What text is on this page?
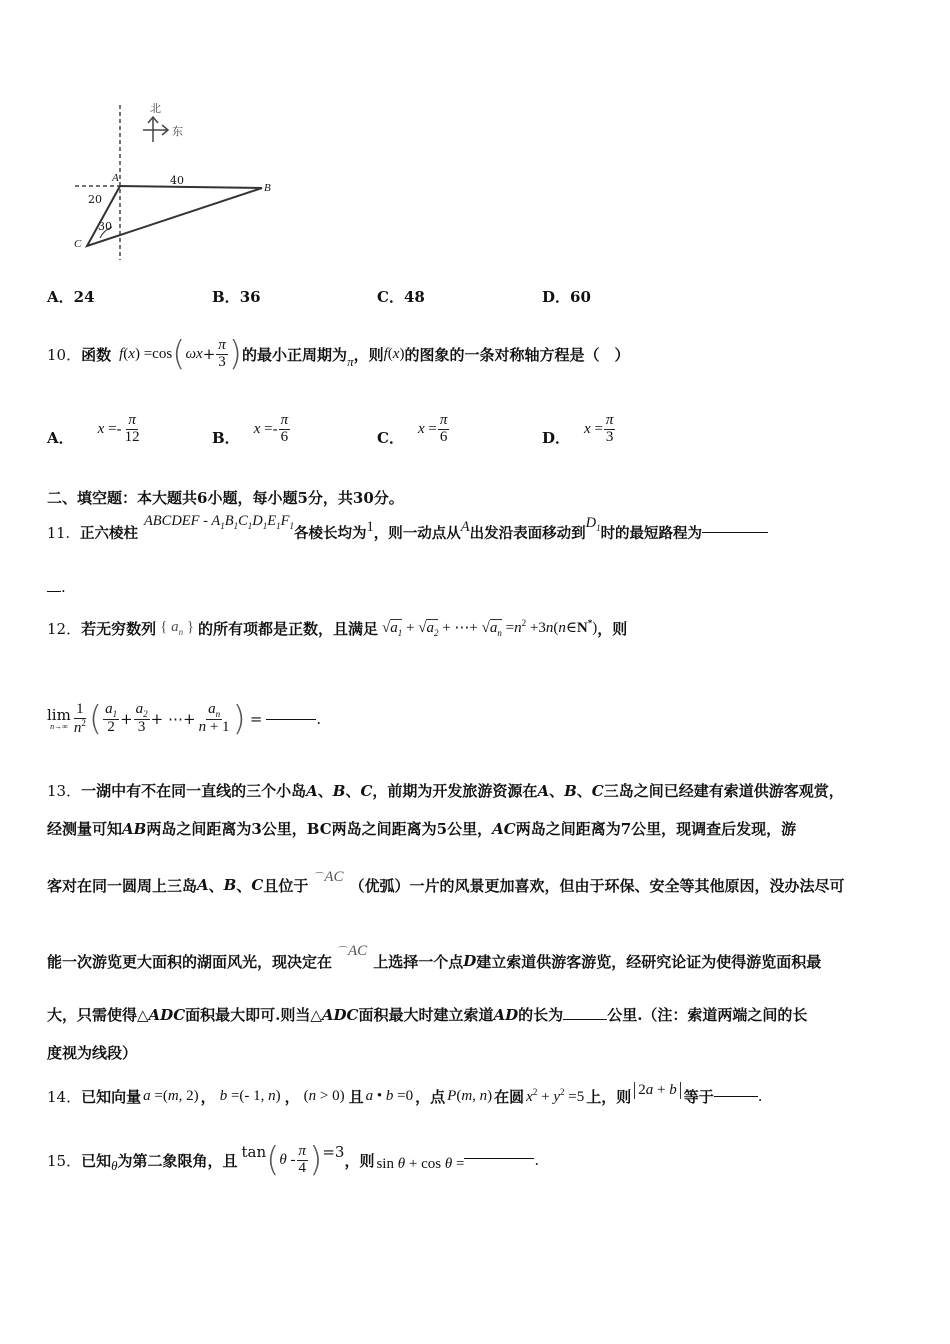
北
东
A
B
C
40
20
30
A．24	B．36	C．48	D．60
10． 函数 f(x) =cos ( $\omega x + \frac{\pi}{3}$ ) 的最小正周期为 π ，则 f(x) 的图象的一条对称轴方程是（　）
A． x = - $\frac{\pi}{12}$	B． x = - $\frac{\pi}{6}$	C． $x = \frac{\pi}{6}$	D． $x = \frac{\pi}{3}$
二、填空题：本大题共6小题，每小题5分，共30分。
11． 正六棱柱
ABCDEF - $A_1B_1C_1D_1E_1F_1$ 各棱长均为 1 ，则一动点从 A 出发沿表面移动到
$D_1$ 时的最短路程为
.
12． 若无穷数列 { $a_n$ } 的所有项都是正数，且满足 $√a_1 + √a_2$ + ⋯+ $√a_n =n^2$ +3n(n∈N*) ，则
lim
$n\to\infty \frac{1}{n^2}$ ( $\frac{a_1}{2} + \frac{a_2}{3}$ + ⋯+ $\frac{a_n}{n + 1}$ ) =	.
13．一湖中有不在同一直线的三个小岛A、B、C，前期为开发旅游资源在A、B、C三岛之间已经建有索道供游客观赏，
经测量可知AB两岛之间距离为3公里，BC两岛之间距离为5公里，AC两岛之间距离为7公里，现调查后发现，游
客对在同一圆周上三岛 A 、 B 、 C 且位于 ⌒AC （优弧）一片的风景更加喜欢，但由于环保、安全等其他原因，没办法尽可
能一次游览更大面积的湖面风光，现决定在
⌒AC
上选择一个点 D 建立索道供游客游览，经研究论证为使得游览面积最
大，只需使得△ADC面积最大即可.则当△ADC面积最大时建立索道AD的长为	公里.（注：索道两端之间的长
度视为线段）
14． 已知向量 a =(m, 2) ， b =(- 1, n) ， (n > 0) 且 a • b =0 ，点 P(m, n) 在圆 $x^2 + y^2 =5$ 上，则 2a + b 等于	.
15． 已知 θ 为第二象限角，且 tan ( θ - $\frac{\pi}{4}$ ) =3 ，则 sin θ + cos θ =	.
